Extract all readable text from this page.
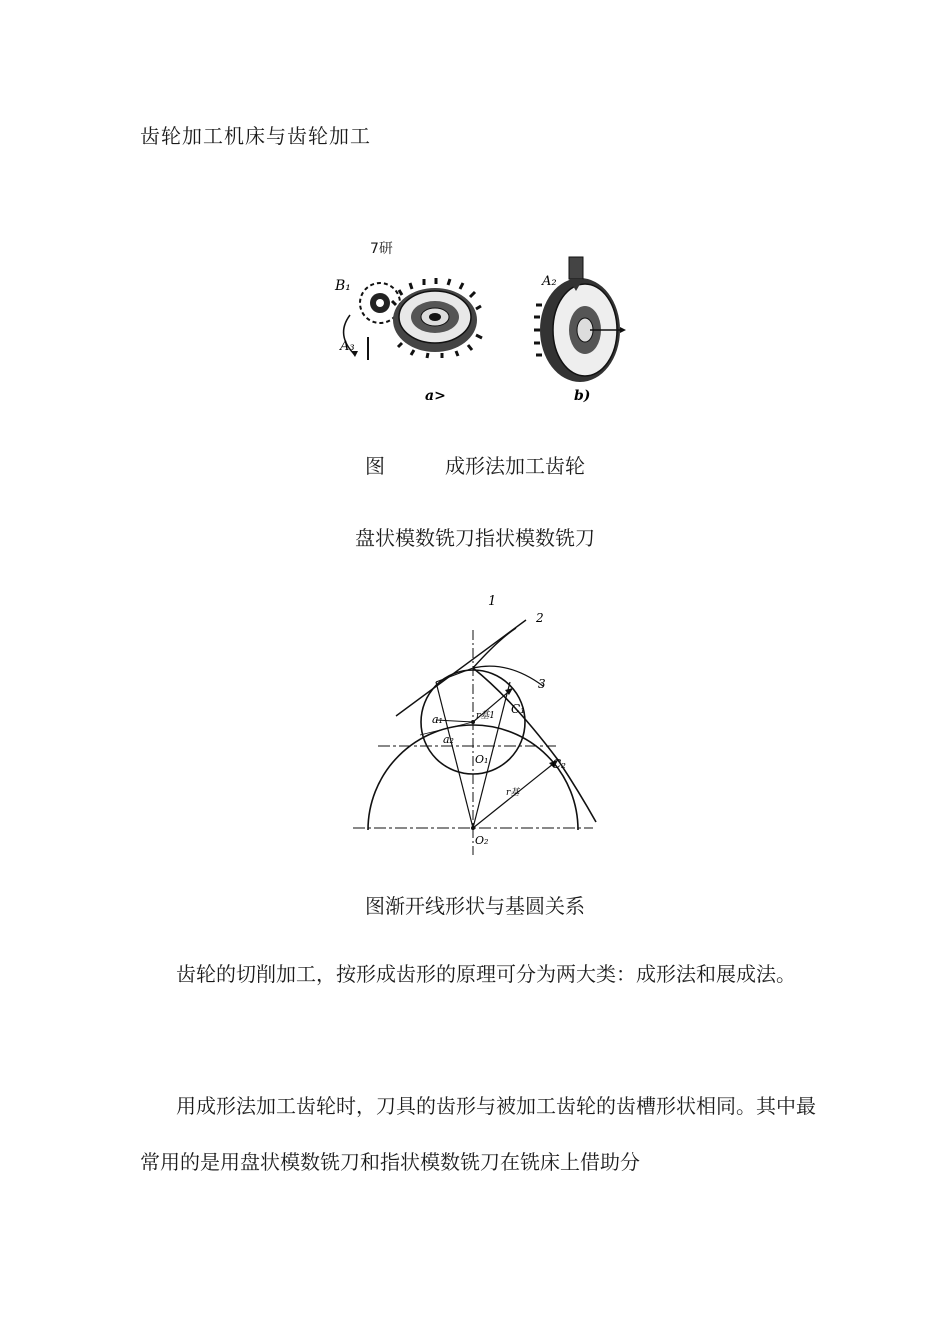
齿轮加工机床与齿轮加工
7研
B₁
A₃
a>
A₂
b)
图	成形法加工齿轮
盘状模数铣刀指状模数铣刀
1
2
3
C₁
C₂
a₁
a₂
O₁
O₂
r基1
r基
图渐开线形状与基圆关系
齿轮的切削加工，按形成齿形的原理可分为两大类：成形法和展成法。
用成形法加工齿轮时，刀具的齿形与被加工齿轮的齿槽形状相同。其中最常用的是用盘状模数铣刀和指状模数铣刀在铣床上借助分
